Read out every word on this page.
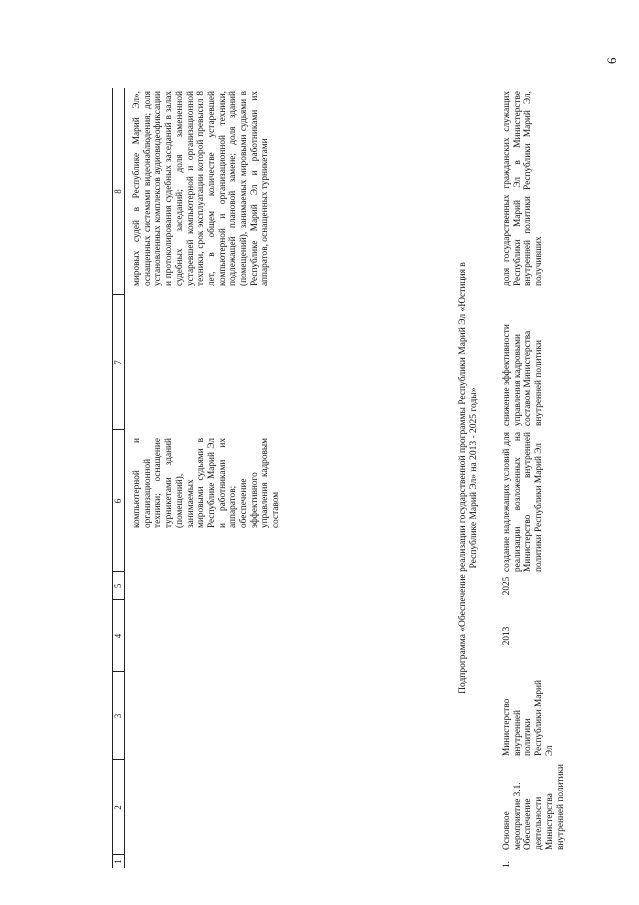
6
1
2
3
4
5
6
7
8
компьютерной и организационной техники; оснащение турникетами зданий (помещений), занимаемых мировыми судьями в Республике Марий Эл и работниками их аппаратов; обеспечение эффективного управления кадровым составом
мировых судей в Республике Марий Эл», оснащенных системами видеонаблюдения; доля установленных комплексов аудиовидеофиксации и протоколирования судебных заседаний в залах судебных заседаний; доля замененной устаревшей компьютерной и организационной техники, срок эксплуатации которой превысил 8 лет, в общем количестве устаревшей компьютерной и организационной техники, подлежащей плановой замене; доля зданий (помещений), занимаемых мировыми судьями в Республике Марий Эл и работниками их аппаратов, оснащенных турникетами
Подпрограмма «Обеспечение реализации государственной программы Республики Марий Эл «Юстиция в Республике Марий Эл» на 2013 - 2025 годы»
1.
Основное мероприятие 3.1. Обеспечение деятельности Министерства внутренней политики
Министерство внутренней политики Республики Марий Эл
2013
2025
создание надлежащих условий для реализации возложенных на Министерство внутренней политики Республики Марий Эл
снижение эффективности управления кадровыми составом Министерства внутренней политики
доля государственных гражданских служащих Республики Марий Эл в Министерстве внутренней политики Республики Марий Эл, получивших
